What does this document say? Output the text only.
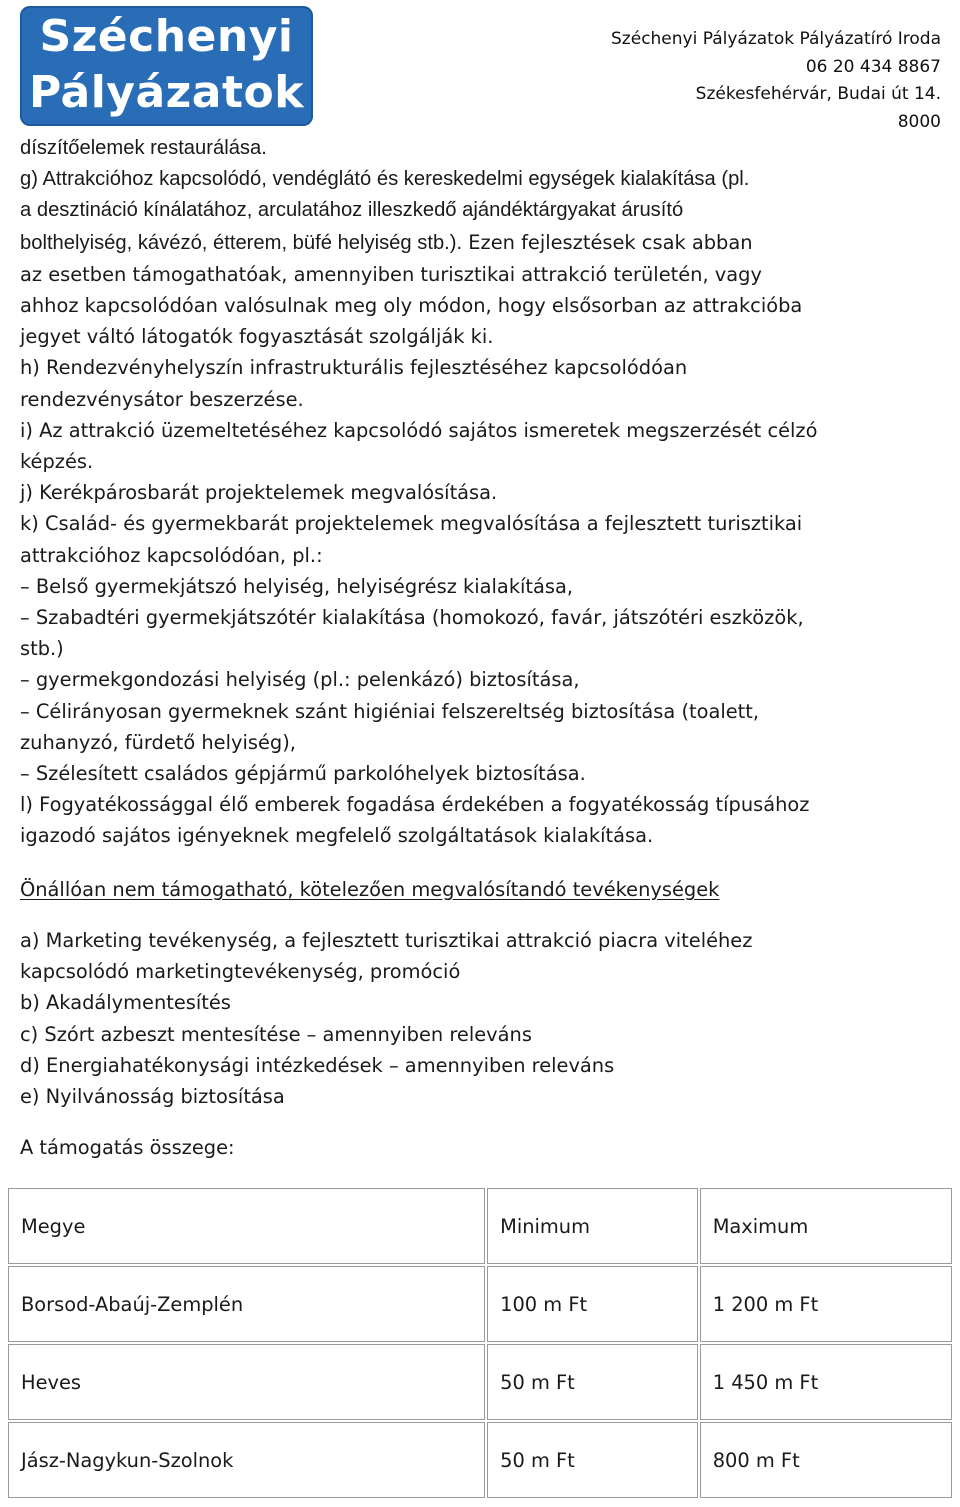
Széchenyi
Pályázatok
Széchenyi Pályázatok Pályázatíró Iroda
06 20 434 8867
Székesfehérvár, Budai út 14.
8000

díszítőelemek restaurálása.

g) Attrakcióhoz kapcsolódó, vendéglátó és kereskedelmi egységek kialakítása (pl.

a desztináció kínálatához, arculatához illeszkedő ajándéktárgyakat árusító

bolthelyiség, kávézó, étterem, büfé helyiség stb.). Ezen fejlesztések csak abban

az esetben támogathatóak, amennyiben turisztikai attrakció területén, vagy

ahhoz kapcsolódóan valósulnak meg oly módon, hogy elsősorban az attrakcióba

jegyet váltó látogatók fogyasztását szolgálják ki.

h) Rendezvényhelyszín infrastrukturális fejlesztéséhez kapcsolódóan

rendezvénysátor beszerzése.

i) Az attrakció üzemeltetéséhez kapcsolódó sajátos ismeretek megszerzését célzó

képzés.

j) Kerékpárosbarát projektelemek megvalósítása.

k) Család- és gyermekbarát projektelemek megvalósítása a fejlesztett turisztikai

attrakcióhoz kapcsolódóan, pl.:

– Belső gyermekjátszó helyiség, helyiségrész kialakítása,

– Szabadtéri gyermekjátszótér kialakítása (homokozó, favár, játszótéri eszközök,

stb.)

– gyermekgondozási helyiség (pl.: pelenkázó) biztosítása,

– Célirányosan gyermeknek szánt higiéniai felszereltség biztosítása (toalett,

zuhanyzó, fürdető helyiség),

– Szélesített családos gépjármű parkolóhelyek biztosítása.

l) Fogyatékossággal élő emberek fogadása érdekében a fogyatékosság típusához

igazodó sajátos igényeknek megfelelő szolgáltatások kialakítása.

Önállóan nem támogatható, kötelezően megvalósítandó tevékenységek

a) Marketing tevékenység, a fejlesztett turisztikai attrakció piacra viteléhez

kapcsolódó marketingtevékenység, promóció

b) Akadálymentesítés

c) Szórt azbeszt mentesítése – amennyiben releváns

d) Energiahatékonysági intézkedések – amennyiben releváns

e) Nyilvánosság biztosítása

A támogatás összege:
Megye	Minimum	Maximum
Borsod-Abaúj-Zemplén	100 m Ft	1 200 m Ft
Heves	50 m Ft	1 450 m Ft
Jász-Nagykun-Szolnok	50 m Ft	800 m Ft
